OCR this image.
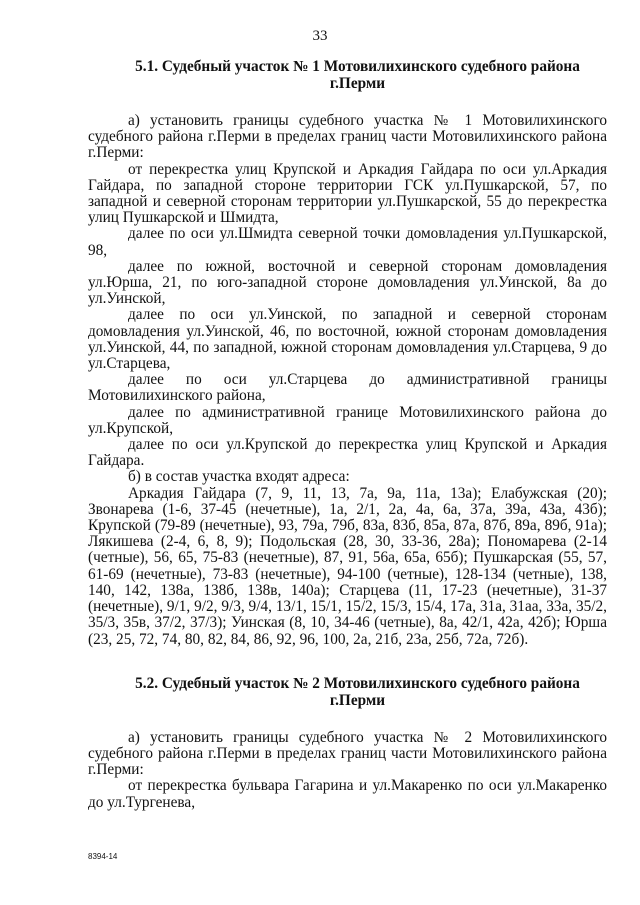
33
5.1. Судебный участок № 1 Мотовилихинского судебного района
г.Перми

а) установить границы судебного участка № 1 Мотовилихинского судебного района г.Перми в пределах границ части Мотовилихинского района г.Перми:

от перекрестка улиц Крупской и Аркадия Гайдара по оси ул.Аркадия Гайдара, по западной стороне территории ГСК ул.Пушкарской, 57, по западной и северной сторонам территории ул.Пушкарской, 55 до перекрестка улиц Пушкарской и Шмидта,

далее по оси ул.Шмидта северной точки домовладения ул.Пушкарской, 98,

далее по южной, восточной и северной сторонам домовладения ул.Юрша, 21, по юго-западной стороне домовладения ул.Уинской, 8а до ул.Уинской,

далее по оси ул.Уинской, по западной и северной сторонам домовладения ул.Уинской, 46, по восточной, южной сторонам домовладения ул.Уинской, 44, по западной, южной сторонам домовладения ул.Старцева, 9 до ул.Старцева,

далее по оси ул.Старцева до административной границы Мотовилихинского района,

далее по административной границе Мотовилихинского района до ул.Крупской,

далее по оси ул.Крупской до перекрестка улиц Крупской и Аркадия Гайдара.

б) в состав участка входят адреса:

Аркадия Гайдара (7, 9, 11, 13, 7а, 9а, 11а, 13а); Елабужская (20); Звонарева (1-6, 37-45 (нечетные), 1а, 2/1, 2а, 4а, 6а, 37а, 39а, 43а, 43б); Крупской (79-89 (нечетные), 93, 79а, 79б, 83а, 83б, 85а, 87а, 87б, 89а, 89б, 91а); Лякишева (2-4, 6, 8, 9); Подольская (28, 30, 33-36, 28а); Пономарева (2-14 (четные), 56, 65, 75-83 (нечетные), 87, 91, 56а, 65а, 65б); Пушкарская (55, 57, 61-69 (нечетные), 73-83 (нечетные), 94-100 (четные), 128-134 (четные), 138, 140, 142, 138а, 138б, 138в, 140а); Старцева (11, 17-23 (нечетные), 31-37 (нечетные), 9/1, 9/2, 9/3, 9/4, 13/1, 15/1, 15/2, 15/3, 15/4, 17а, 31а, 31аа, 33а, 35/2, 35/3, 35в, 37/2, 37/3); Уинская (8, 10, 34-46 (четные), 8а, 42/1, 42а, 42б); Юрша (23, 25, 72, 74, 80, 82, 84, 86, 92, 96, 100, 2а, 21б, 23а, 25б, 72а, 72б).

5.2. Судебный участок № 2 Мотовилихинского судебного района
г.Перми

а) установить границы судебного участка № 2 Мотовилихинского судебного района г.Перми в пределах границ части Мотовилихинского района г.Перми:

от перекрестка бульвара Гагарина и ул.Макаренко по оси ул.Макаренко до ул.Тургенева,

8394-14
